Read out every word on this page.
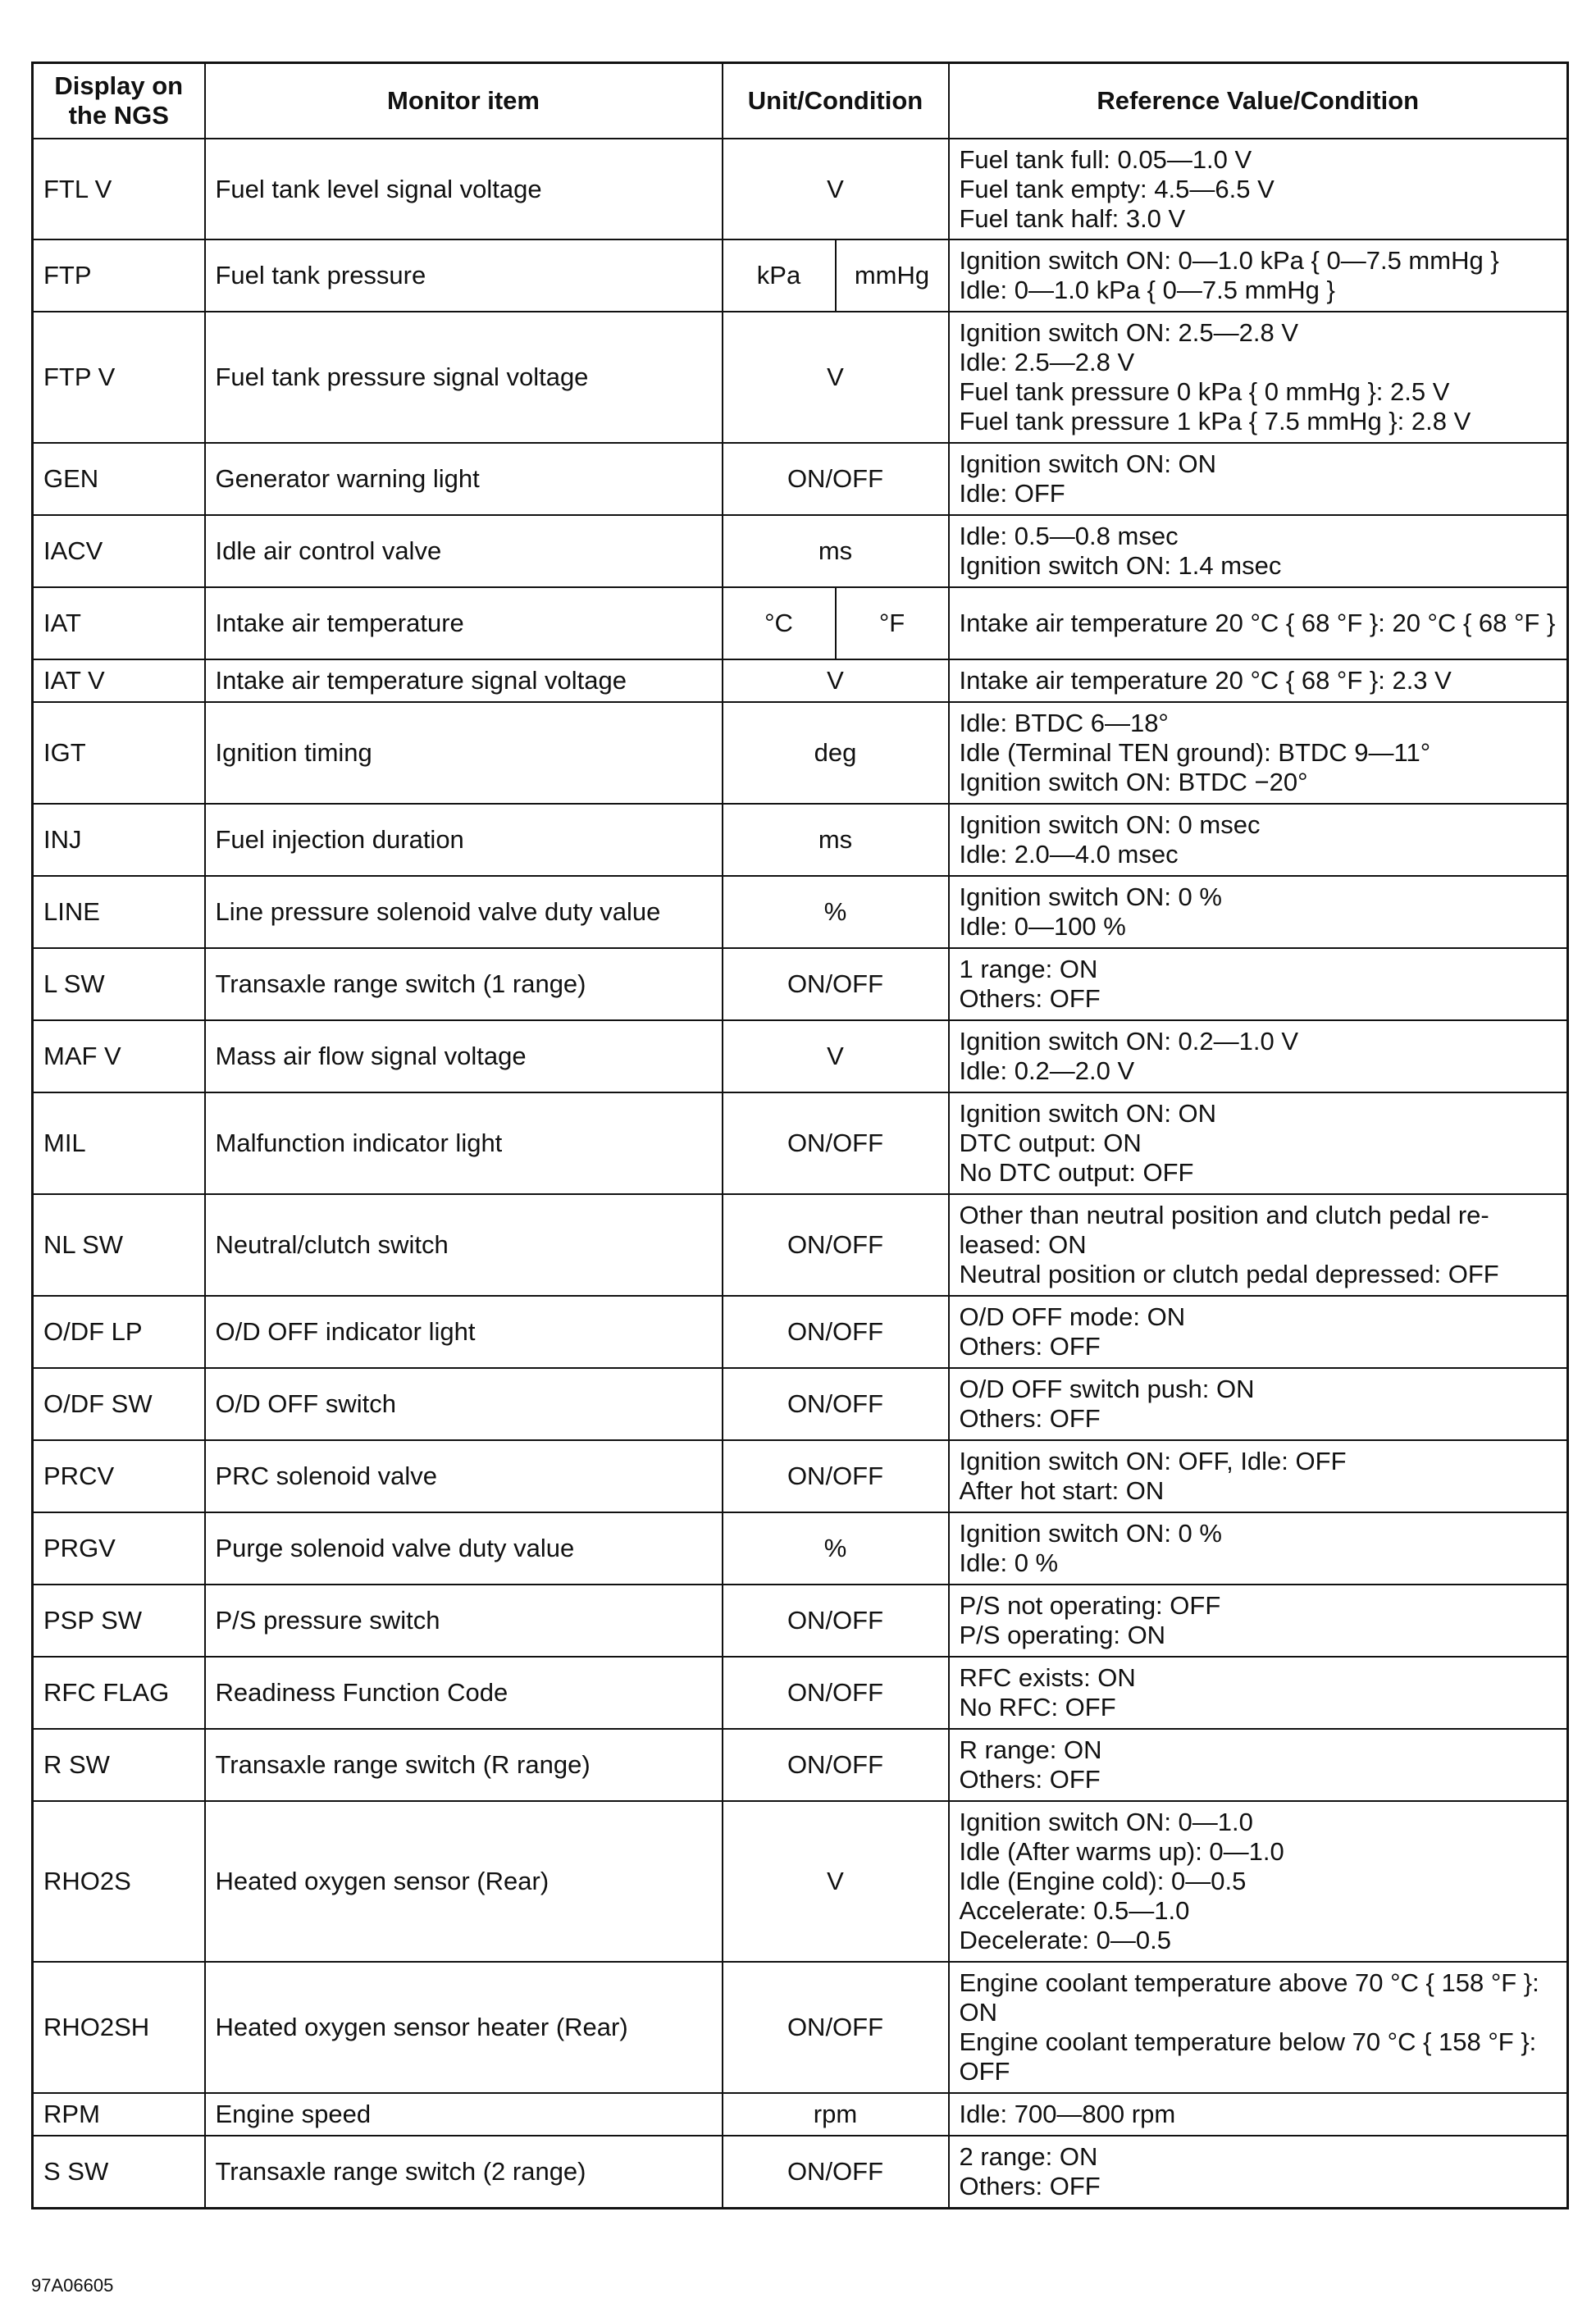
Display on the NGS	Monitor item	Unit/Condition		Reference Value/Condition
FTL V	Fuel tank level signal voltage	V		Fuel tank full: 0.05—1.0 V
Fuel tank empty: 4.5—6.5 V
Fuel tank half: 3.0 V

FTP	Fuel tank pressure	kPa	mmHg	Ignition switch ON: 0—1.0 kPa { 0—7.5 mmHg }
Idle: 0—1.0 kPa { 0—7.5 mmHg }

FTP V	Fuel tank pressure signal voltage	V		Ignition switch ON: 2.5—2.8 V
Idle: 2.5—2.8 V
Fuel tank pressure 0 kPa { 0 mmHg }: 2.5 V
Fuel tank pressure 1 kPa { 7.5 mmHg }: 2.8 V

GEN	Generator warning light	ON/OFF		Ignition switch ON: ON
Idle: OFF

IACV	Idle air control valve	ms		Idle: 0.5—0.8 msec
Ignition switch ON: 1.4 msec

IAT	Intake air temperature	°C	°F	Intake air temperature 20 °C { 68 °F }: 20 °C { 68 °F }

IAT V	Intake air temperature signal voltage	V		Intake air temperature 20 °C { 68 °F }: 2.3 V

IGT	Ignition timing	deg		Idle: BTDC 6—18°
Idle (Terminal TEN ground): BTDC 9—11°
Ignition switch ON: BTDC −20°

INJ	Fuel injection duration	ms		Ignition switch ON: 0 msec
Idle: 2.0—4.0 msec

LINE	Line pressure solenoid valve duty value	%		Ignition switch ON: 0 %
Idle: 0—100 %

L SW	Transaxle range switch (1 range)	ON/OFF		1 range: ON
Others: OFF

MAF V	Mass air flow signal voltage	V		Ignition switch ON: 0.2—1.0 V
Idle: 0.2—2.0 V

MIL	Malfunction indicator light	ON/OFF		Ignition switch ON: ON
DTC output: ON
No DTC output: OFF

NL SW	Neutral/clutch switch	ON/OFF		Other than neutral position and clutch pedal re-
leased: ON
Neutral position or clutch pedal depressed: OFF

O/DF LP	O/D OFF indicator light	ON/OFF		O/D OFF mode: ON
Others: OFF

O/DF SW	O/D OFF switch	ON/OFF		O/D OFF switch push: ON
Others: OFF

PRCV	PRC solenoid valve	ON/OFF		Ignition switch ON: OFF, Idle: OFF
After hot start: ON

PRGV	Purge solenoid valve duty value	%		Ignition switch ON: 0 %
Idle: 0 %

PSP SW	P/S pressure switch	ON/OFF		P/S not operating: OFF
P/S operating: ON

RFC FLAG	Readiness Function Code	ON/OFF		RFC exists: ON
No RFC: OFF

R SW	Transaxle range switch (R range)	ON/OFF		R range: ON
Others: OFF

RHO2S	Heated oxygen sensor (Rear)	V		Ignition switch ON: 0—1.0
Idle (After warms up): 0—1.0
Idle (Engine cold): 0—0.5
Accelerate: 0.5—1.0
Decelerate: 0—0.5

RHO2SH	Heated oxygen sensor heater (Rear)	ON/OFF		Engine coolant temperature above 70 °C { 158 °F }: ON
Engine coolant temperature below 70 °C { 158 °F }: OFF

RPM	Engine speed	rpm		Idle: 700—800 rpm

S SW	Transaxle range switch (2 range)	ON/OFF		2 range: ON
Others: OFF
97A06605
